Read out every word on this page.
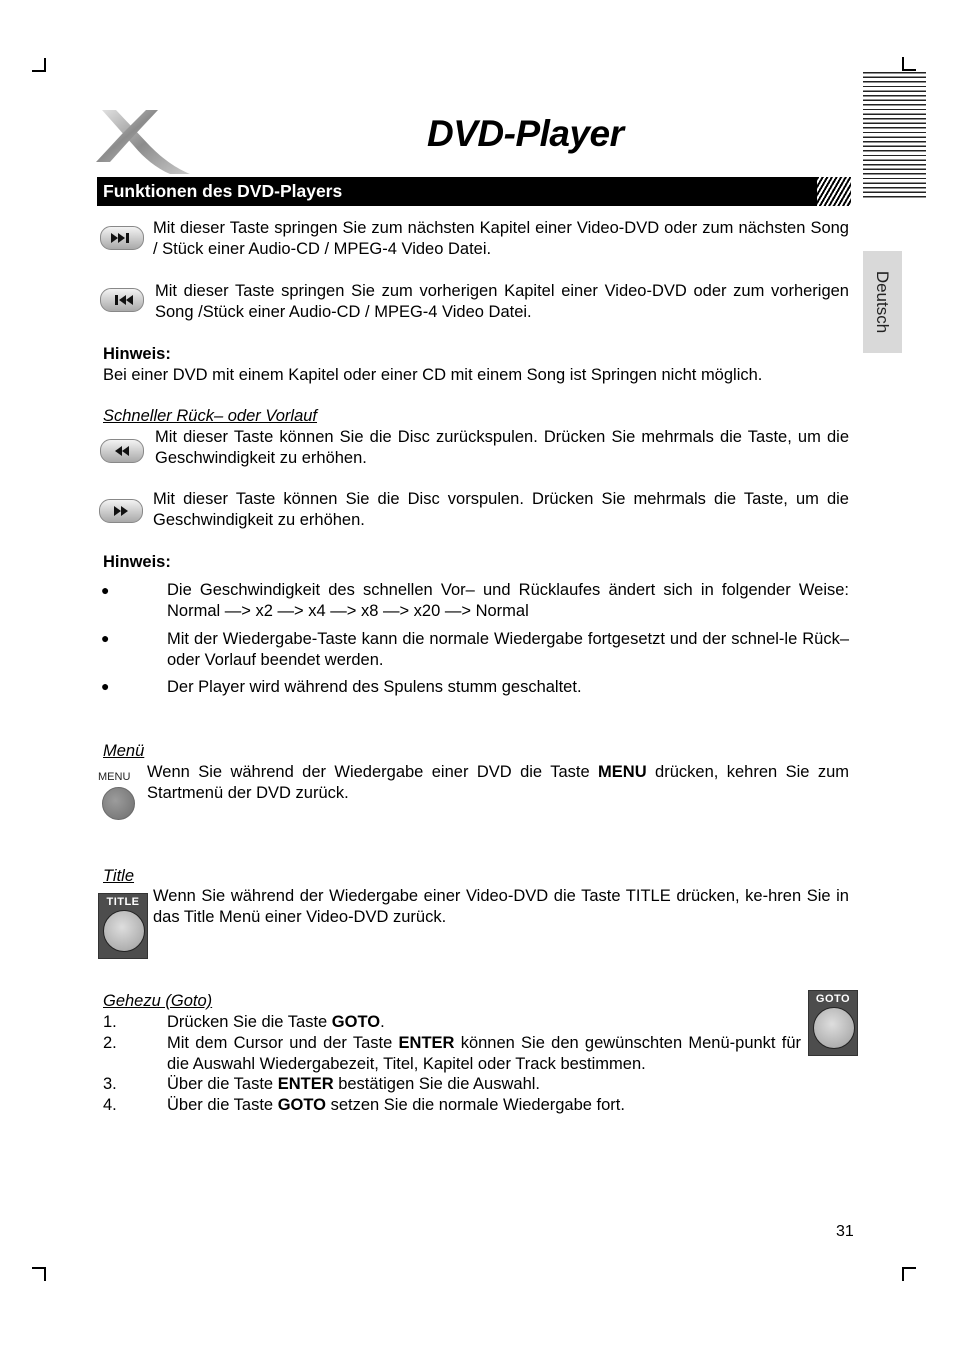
Deutsch
DVD-Player
Funktionen des DVD-Players
Mit dieser Taste springen Sie zum nächsten Kapitel einer Video-DVD oder zum nächsten Song / Stück einer Audio-CD / MPEG-4 Video Datei.
Mit dieser Taste springen Sie zum vorherigen Kapitel einer Video-DVD oder zum vorherigen Song /Stück einer Audio-CD / MPEG-4 Video Datei.
Hinweis:
Bei einer DVD mit einem Kapitel oder einer CD mit einem Song ist Springen nicht möglich.
Schneller Rück– oder Vorlauf
Mit dieser Taste können Sie die Disc zurückspulen. Drücken Sie mehrmals die Taste, um die Geschwindigkeit zu erhöhen.
Mit dieser Taste können Sie die Disc vorspulen. Drücken Sie mehrmals die Taste, um die Geschwindigkeit zu erhöhen.
Hinweis:
●	Die Geschwindigkeit des schnellen Vor– und Rücklaufes ändert sich in folgender Weise: Normal —> x2 —> x4 —> x8 —> x20 —> Normal
●	Mit der Wiedergabe-Taste kann die normale Wiedergabe fortgesetzt und der schnel-le Rück– oder Vorlauf beendet werden.
●	Der Player wird während des Spulens stumm geschaltet.
Menü
MENU Wenn Sie während der Wiedergabe einer DVD die Taste MENU drücken, kehren Sie zum Startmenü der DVD zurück.
Title
TITLE Wenn Sie während der Wiedergabe einer Video-DVD die Taste TITLE drücken, ke-hren Sie in das Title Menü einer Video-DVD zurück.
Gehezu (Goto)	GOTO
1.	Drücken Sie die Taste GOTO.
2.	Mit dem Cursor und der Taste ENTER können Sie den gewünschten Menü-punkt für die Auswahl Wiedergabezeit, Titel, Kapitel oder Track bestimmen.
3.	Über die Taste ENTER bestätigen Sie die Auswahl.
4.	Über die Taste GOTO setzen Sie die normale Wiedergabe fort.
31
